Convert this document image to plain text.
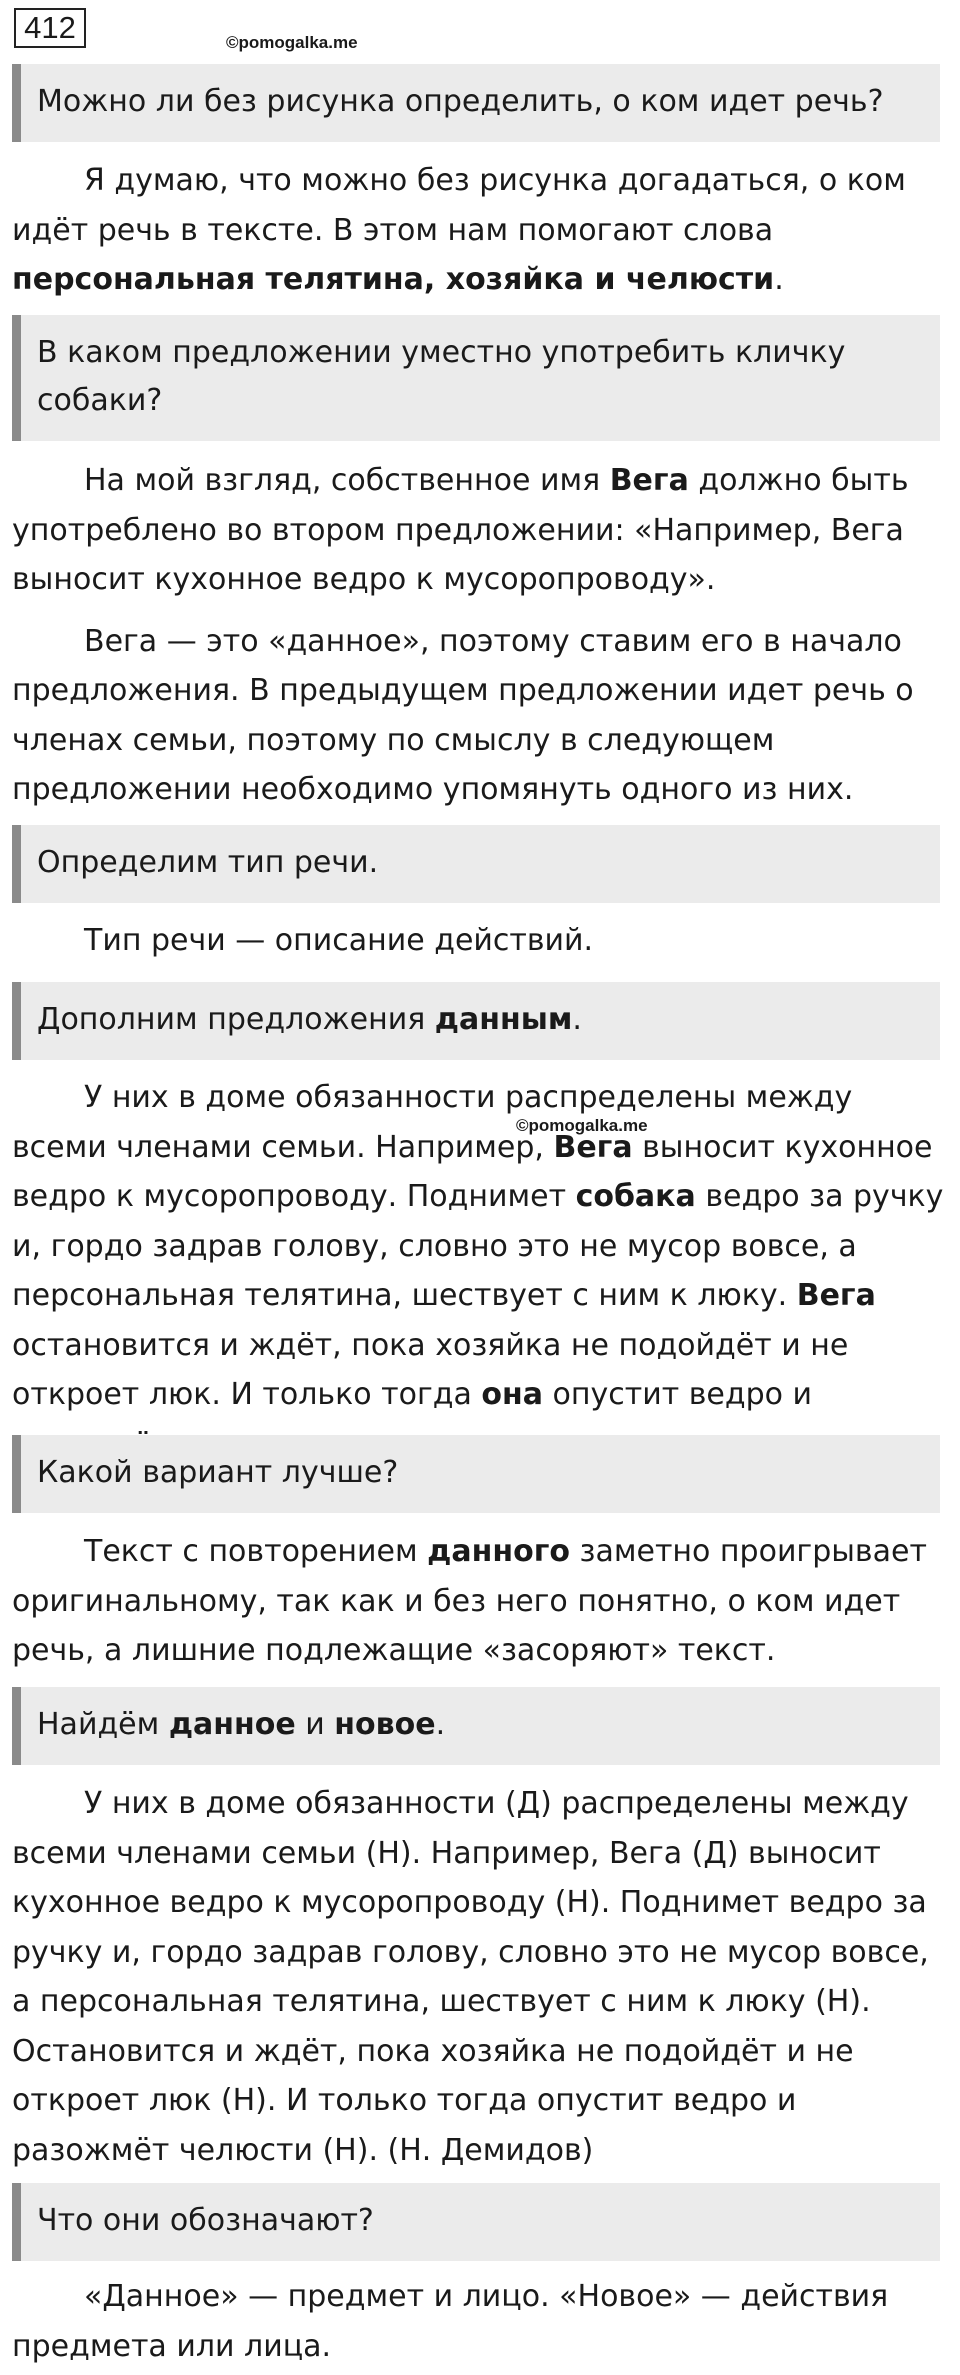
412	©pomogalka.me
Можно ли без рисунка определить, о ком идет речь?

Я думаю, что можно без рисунка догадаться, о ком идёт речь в тексте. В этом нам помогают слова персональная телятина, хозяйка и челюсти.

В каком предложении уместно употребить кличку собаки?

На мой взгляд, собственное имя Вега должно быть употреблено во втором предложении: «Например, Вега выносит кухонное ведро к мусоропроводу».

Вега — это «данное», поэтому ставим его в начало предложения. В предыдущем предложении идет речь о членах семьи, поэтому по смыслу в следующем предложении необходимо упомянуть одного из них.

Определим тип речи.

Тип речи — описание действий.

Дополним предложения данным.

У них в доме обязанности распределены между всеми членами семьи. Например, Вега выносит кухонное ведро к мусоропроводу. Поднимет собака ведро за ручку и, гордо задрав голову, словно это не мусор вовсе, а персональная телятина, шествует с ним к люку. Вега остановится и ждёт, пока хозяйка не подойдёт и не откроет люк. И только тогда она опустит ведро и

©pomogalka.me
Какой вариант лучше?

Текст с повторением данного заметно проигрывает оригинальному, так как и без него понятно, о ком идет речь, а лишние подлежащие «засоряют» текст.

Найдём данное и новое.

У них в доме обязанности (Д) распределены между всеми членами семьи (Н). Например, Вега (Д) выносит кухонное ведро к мусоропроводу (Н). Поднимет ведро за ручку и, гордо задрав голову, словно это не мусор вовсе, а персональная телятина, шествует с ним к люку (Н). Остановится и ждёт, пока хозяйка не подойдёт и не откроет люк (Н). И только тогда опустит ведро и разожмёт челюсти (Н). (Н. Демидов)

Что они обозначают?

«Данное» — предмет и лицо. «Новое» — действия предмета или лица.
